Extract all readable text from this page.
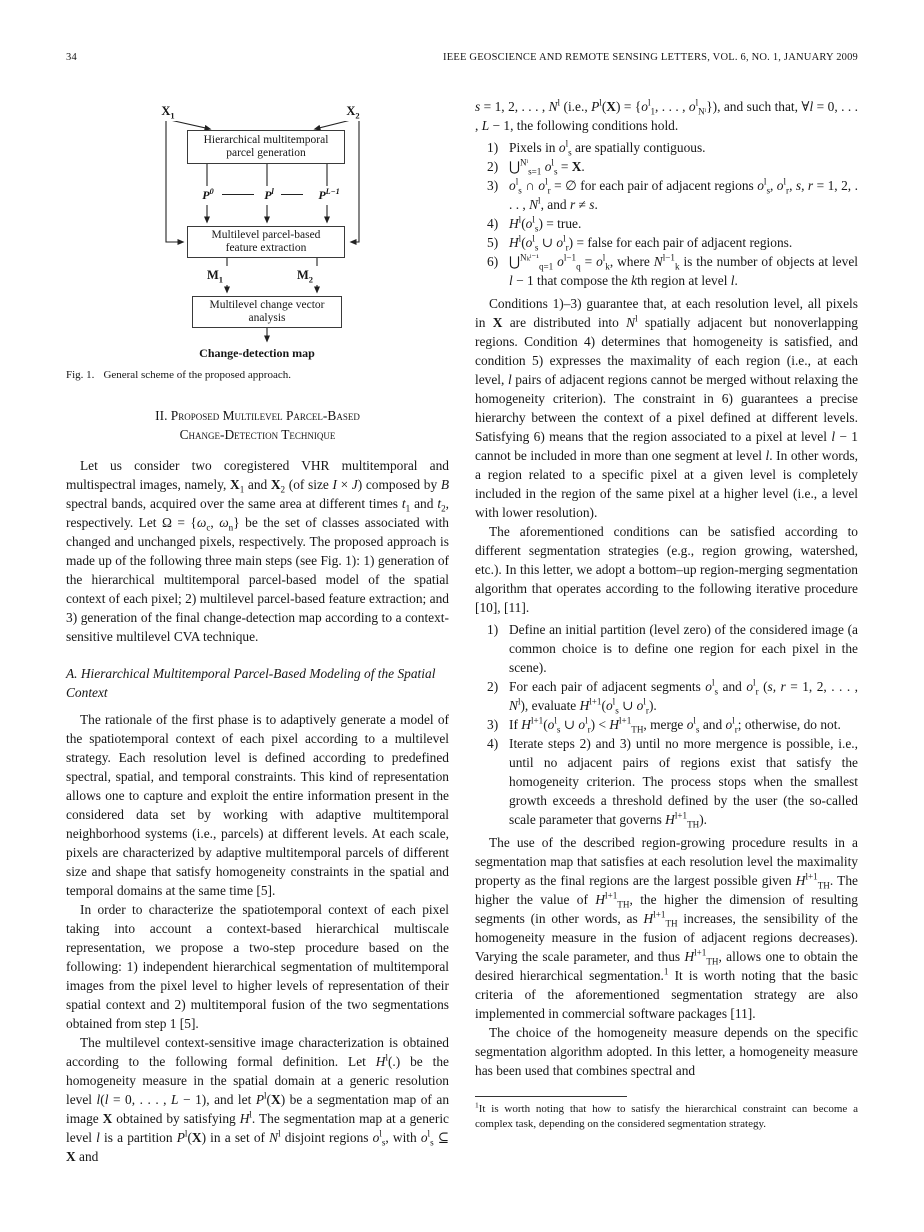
34	IEEE GEOSCIENCE AND REMOTE SENSING LETTERS, VOL. 6, NO. 1, JANUARY 2009
$X_1$	$X_2$
Hierarchical multitemporal
parcel generation
$P^0$	$P^l$	$P^{L-1}$
Multilevel parcel-based
feature extraction
$M_1$	$M_2$
Multilevel change vector
analysis
Change-detection map
Fig. 1. General scheme of the proposed approach.
II. Proposed Multilevel Parcel-Based
Change-Detection Technique

Let us consider two coregistered VHR multitemporal and multispectral images, namely, $X_1$ and $X_2$ (of size I × J) composed by B spectral bands, acquired over the same area at different times $t_1$ and $t_2$, respectively. Let $\Omega = \{\omega_c$, $\omega_n$} be the set of classes associated with changed and unchanged pixels, respectively. The proposed approach is made up of the following three main steps (see Fig. 1): 1) generation of the hierarchical multitemporal parcel-based model of the spatial context of each pixel; 2) multilevel parcel-based feature extraction; and 3) generation of the final change-detection map according to a context-sensitive multilevel CVA technique.

A. Hierarchical Multitemporal Parcel-Based Modeling of the Spatial Context

The rationale of the first phase is to adaptively generate a model of the spatiotemporal context of each pixel according to a multilevel strategy. Each resolution level is defined according to predefined spectral, spatial, and temporal constraints. This kind of representation allows one to capture and exploit the entire information present in the considered data set by working with adaptive multitemporal neighborhood systems (i.e., parcels) at different levels. At each scale, pixels are characterized by adaptive multitemporal parcels of different size and shape that satisfy homogeneity constraints in the spatial and temporal domains at the same time [5].

In order to characterize the spatiotemporal context of each pixel taking into account a context-based hierarchical multiscale representation, we propose a two-step procedure based on the following: 1) independent hierarchical segmentation of multitemporal images from the pixel level to higher levels of representation of their spatial context and 2) multitemporal fusion of the two segmentations obtained from step 1 [5].

The multilevel context-sensitive image characterization is obtained according to the following formal definition. Let $H^l(.)$ be the homogeneity measure in the spatial domain at a generic resolution level l(l = 0, . . . , L − 1), and let $P^l(X)$ be a segmentation map of an image X obtained by satisfying $H^l$. The segmentation map at a generic level l is a partition $P^l(X)$ in a set of $N^l$ disjoint regions $o^l_s$, with $o^l_s$ ⊆ X and

s = 1, 2, . . . , $N^l$ (i.e., $P^l(X) = \{o^l_1$, . . . , $o^l_{Nˡ}$}), and such that, ∀l = 0, . . . , L − 1, the following conditions hold.

1) Pixels in $o^l_s$ are spatially contiguous.
2) ⋃$^{Nˡ}_{s=1}$ $o^l_s = X$.
3) $o^l_s$ ∩ $o^l_r$ = ∅ for each pair of adjacent regions $o^l_s$, $o^l_r$, s, r = 1, 2, . . . , $N^l$, and r ≠ s.
4) $H^l(o^l_s)$ = true.
5) $H^l(o^l_s$ ∪ $o^l_r$) = false for each pair of adjacent regions.
6) ⋃$^{N_kˡ^{-1}}_{q=1}$ $o^{l-1}_q = o^l_k$, where $N^{l-1}_k$ is the number of objects at level l − 1 that compose the kth region at level l.

Conditions 1)–3) guarantee that, at each resolution level, all pixels in X are distributed into $N^l$ spatially adjacent but nonoverlapping regions. Condition 4) determines that homogeneity is satisfied, and condition 5) expresses the maximality of each region (i.e., at each level, l pairs of adjacent regions cannot be merged without relaxing the homogeneity criterion). The constraint in 6) guarantees a precise hierarchy between the context of a pixel defined at different levels. Satisfying 6) means that the region associated to a pixel at level l − 1 cannot be included in more than one segment at level l. In other words, a region related to a specific pixel at a given level is completely included in the region of the same pixel at a higher level (i.e., a level with lower resolution).

The aforementioned conditions can be satisfied according to different segmentation strategies (e.g., region growing, watershed, etc.). In this letter, we adopt a bottom–up region-merging segmentation algorithm that operates according to the following iterative procedure [10], [11].

1) Define an initial partition (level zero) of the considered image (a common choice is to define one region for each pixel in the scene).
2) For each pair of adjacent segments $o^l_s$ and $o^l_r$ (s, r = 1, 2, . . . , $N^l$), evaluate $H^{l+1}(o^l_s$ ∪ $o^l_r$).
3) If $H^{l+1}(o^l_s$ ∪ $o^l_r) < H^{l+1}_{TH}$, merge $o^l_s$ and $o^l_r$; otherwise, do not.
4) Iterate steps 2) and 3) until no more mergence is possible, i.e., until no adjacent pairs of regions exist that satisfy the homogeneity criterion. The process stops when the smallest growth exceeds a threshold defined by the user (the so-called scale parameter that governs $H^{l+1}_{TH}$).

The use of the described region-growing procedure results in a segmentation map that satisfies at each resolution level the maximality property as the final regions are the largest possible given $H^{l+1}_{TH}$. The higher the value of $H^{l+1}_{TH}$, the higher the dimension of resulting segments (in other words, as $H^{l+1}_{TH}$ increases, the sensibility of the homogeneity measure in the fusion of adjacent regions decreases). Varying the scale parameter, and thus $H^{l+1}_{TH}$, allows one to obtain the desired hierarchical segmentation.$^1$ It is worth noting that the basic criteria of the aforementioned segmentation strategy are also implemented in commercial software packages [11].

The choice of the homogeneity measure depends on the specific segmentation algorithm adopted. In this letter, a homogeneity measure has been used that combines spectral and

$^1$It is worth noting that how to satisfy the hierarchical constraint can become a complex task, depending on the considered segmentation strategy.
